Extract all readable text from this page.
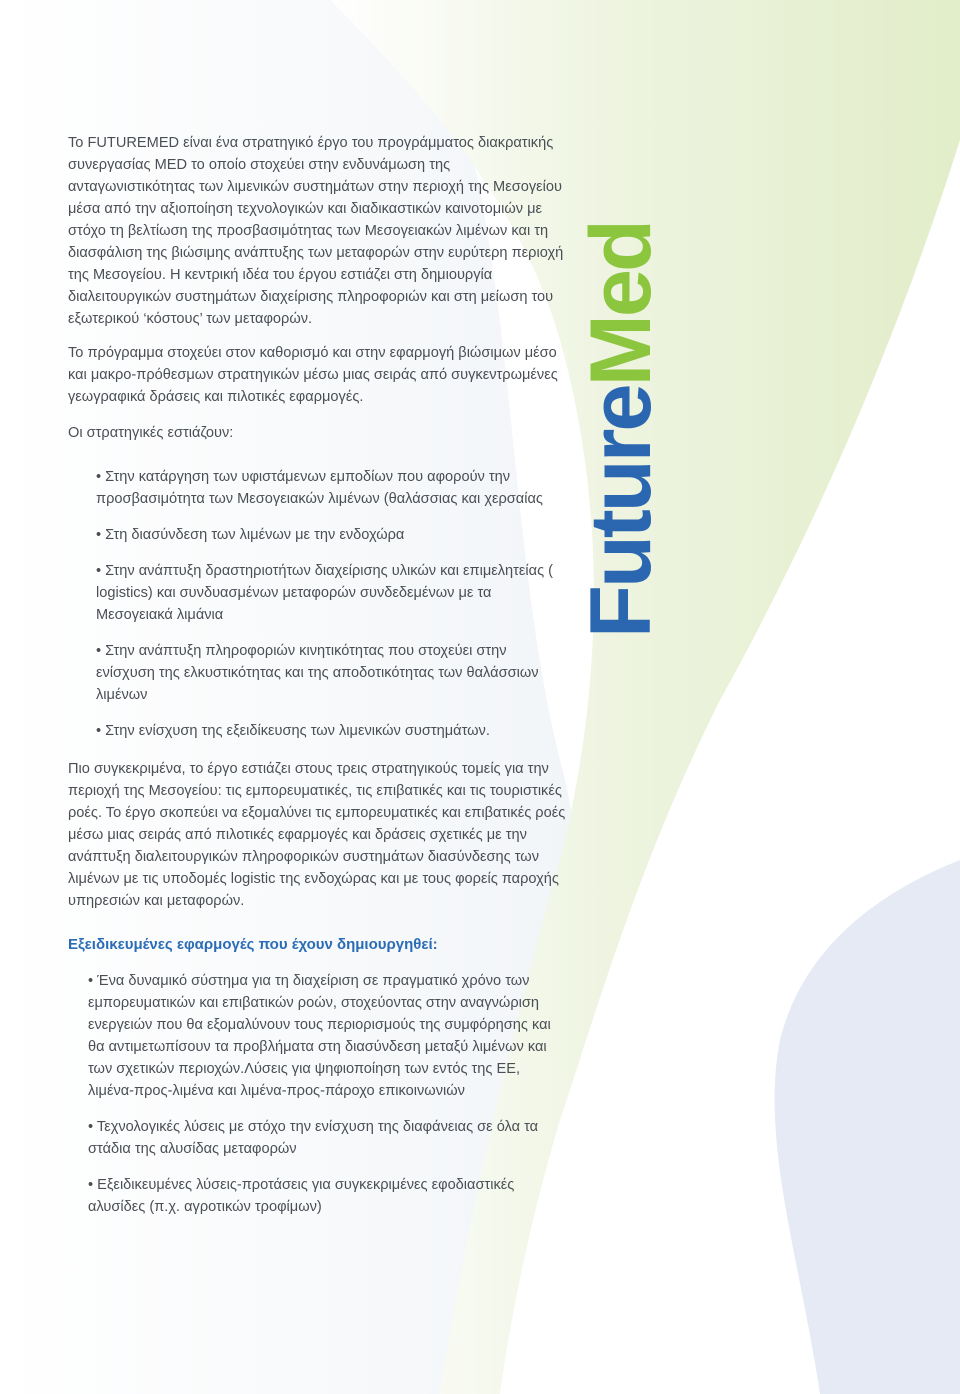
FutureMed

Το FUTUREMED είναι ένα στρατηγικό έργο του προγράμματος διακρατικής συνεργασίας MED το οποίο στοχεύει στην ενδυνάμωση της ανταγωνιστικότητας των λιμενικών συστημάτων στην περιοχή της Μεσογείου μέσα από την αξιοποίηση τεχνολογικών και διαδικαστικών καινοτομιών με στόχο τη βελτίωση της προσβασιμότητας των Μεσογειακών λιμένων και τη διασφάλιση της βιώσιμης ανάπτυξης των μεταφορών στην ευρύτερη περιοχή της Μεσογείου. Η κεντρική ιδέα του έργου εστιάζει στη δημιουργία διαλειτουργικών συστημάτων διαχείρισης πληροφοριών και στη μείωση του εξωτερικού ‘κόστους’ των μεταφορών.

Το πρόγραμμα στοχεύει στον καθορισμό και στην εφαρμογή βιώσιμων μέσο και μακρο-πρόθεσμων στρατηγικών μέσω μιας σειράς από συγκεντρωμένες γεωγραφικά δράσεις και πιλοτικές εφαρμογές.

Οι στρατηγικές εστιάζουν:

• Στην κατάργηση των υφιστάμενων εμποδίων που αφορούν την προσβασιμότητα των Μεσογειακών λιμένων (θαλάσσιας και χερσαίας
• Στη διασύνδεση των λιμένων με την ενδοχώρα
• Στην ανάπτυξη δραστηριοτήτων διαχείρισης υλικών και επιμελητείας ( logistics) και συνδυασμένων μεταφορών συνδεδεμένων με τα Μεσογειακά λιμάνια
• Στην ανάπτυξη πληροφοριών κινητικότητας που στοχεύει στην ενίσχυση της ελκυστικότητας και της αποδοτικότητας των θαλάσσιων λιμένων
• Στην ενίσχυση της εξειδίκευσης των λιμενικών συστημάτων.

Πιο συγκεκριμένα, το έργο εστιάζει στους τρεις στρατηγικούς τομείς για την περιοχή της Μεσογείου: τις εμπορευματικές, τις επιβατικές και τις τουριστικές ροές. Το έργο σκοπεύει να εξομαλύνει τις εμπορευματικές και επιβατικές ροές μέσω μιας σειράς από πιλοτικές εφαρμογές και δράσεις σχετικές με την ανάπτυξη διαλειτουργικών πληροφορικών συστημάτων διασύνδεσης των λιμένων με τις υποδομές logistic της ενδοχώρας και με τους φορείς παροχής υπηρεσιών και μεταφορών.

Εξειδικευμένες εφαρμογές που έχουν δημιουργηθεί:

• Ένα δυναμικό σύστημα για τη διαχείριση σε πραγματικό χρόνο των εμπορευματικών και επιβατικών ροών, στοχεύοντας στην αναγνώριση ενεργειών που θα εξομαλύνουν τους περιορισμούς της συμφόρησης και θα αντιμετωπίσουν τα προβλήματα στη διασύνδεση μεταξύ λιμένων και των σχετικών περιοχών.Λύσεις για ψηφιοποίηση των εντός της ΕΕ, λιμένα-προς-λιμένα και λιμένα-προς-πάροχο επικοινωνιών
• Τεχνολογικές λύσεις με στόχο την ενίσχυση της διαφάνειας σε όλα τα στάδια της αλυσίδας μεταφορών
• Εξειδικευμένες λύσεις-προτάσεις για συγκεκριμένες εφοδιαστικές αλυσίδες (π.χ. αγροτικών τροφίμων)
